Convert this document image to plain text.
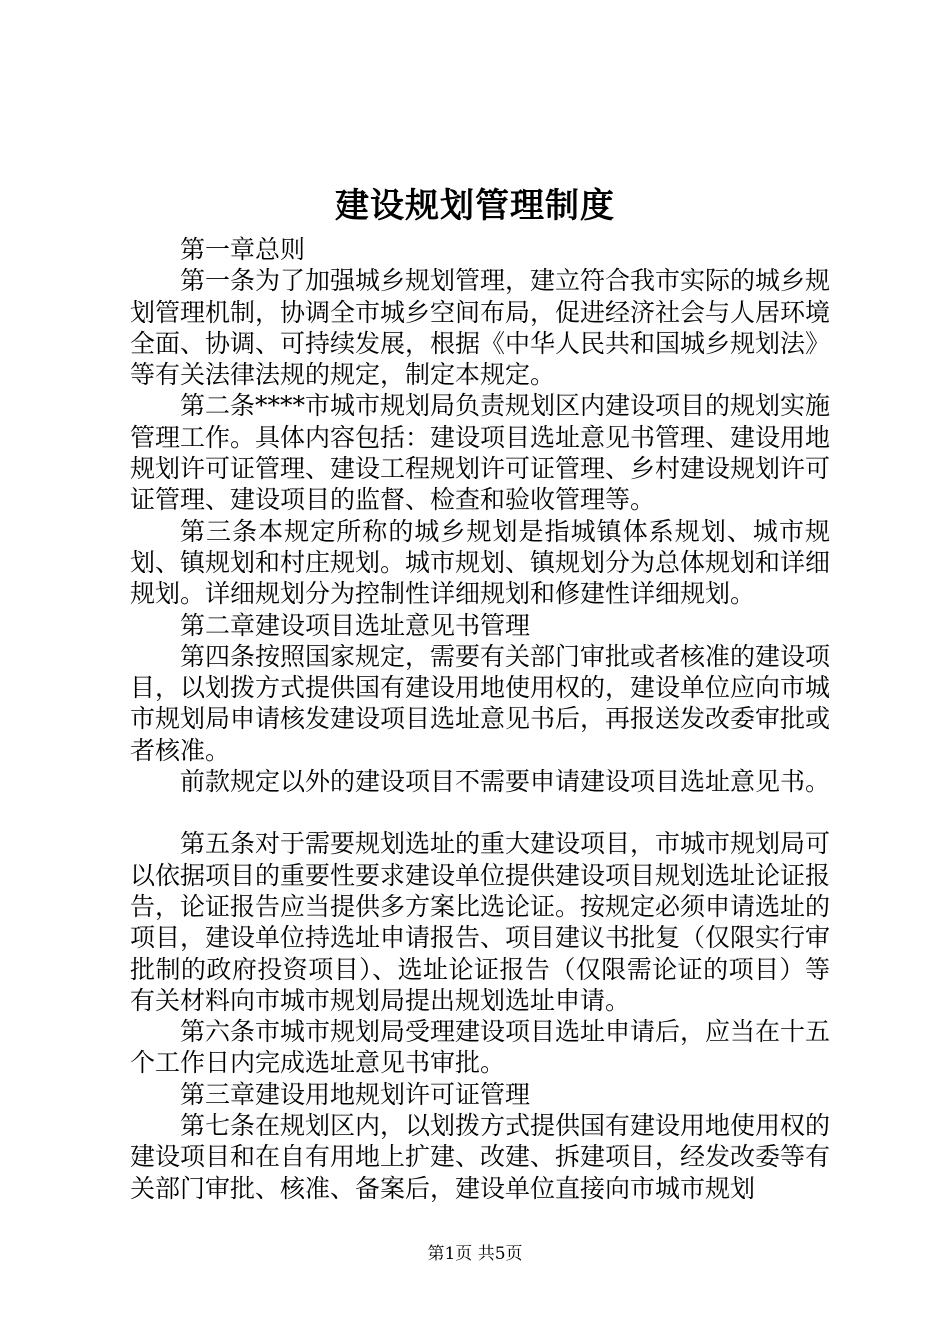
建设规划管理制度

第一章总则

第一条为了加强城乡规划管理，建立符合我市实际的城乡规划管理机制，协调全市城乡空间布局，促进经济社会与人居环境全面、协调、可持续发展，根据《中华人民共和国城乡规划法》等有关法律法规的规定，制定本规定。

第二条****市城市规划局负责规划区内建设项目的规划实施管理工作。具体内容包括：建设项目选址意见书管理、建设用地规划许可证管理、建设工程规划许可证管理、乡村建设规划许可证管理、建设项目的监督、检查和验收管理等。

第三条本规定所称的城乡规划是指城镇体系规划、城市规划、镇规划和村庄规划。城市规划、镇规划分为总体规划和详细规划。详细规划分为控制性详细规划和修建性详细规划。

第二章建设项目选址意见书管理

第四条按照国家规定，需要有关部门审批或者核准的建设项目，以划拨方式提供国有建设用地使用权的，建设单位应向市城市规划局申请核发建设项目选址意见书后，再报送发改委审批或者核准。

前款规定以外的建设项目不需要申请建设项目选址意见书。

第五条对于需要规划选址的重大建设项目，市城市规划局可以依据项目的重要性要求建设单位提供建设项目规划选址论证报告，论证报告应当提供多方案比选论证。按规定必须申请选址的项目，建设单位持选址申请报告、项目建议书批复（仅限实行审批制的政府投资项目）、选址论证报告（仅限需论证的项目）等有关材料向市城市规划局提出规划选址申请。

第六条市城市规划局受理建设项目选址申请后，应当在十五个工作日内完成选址意见书审批。

第三章建设用地规划许可证管理

第七条在规划区内，以划拨方式提供国有建设用地使用权的建设项目和在自有用地上扩建、改建、拆建项目，经发改委等有关部门审批、核准、备案后，建设单位直接向市城市规划

第1页 共5页
